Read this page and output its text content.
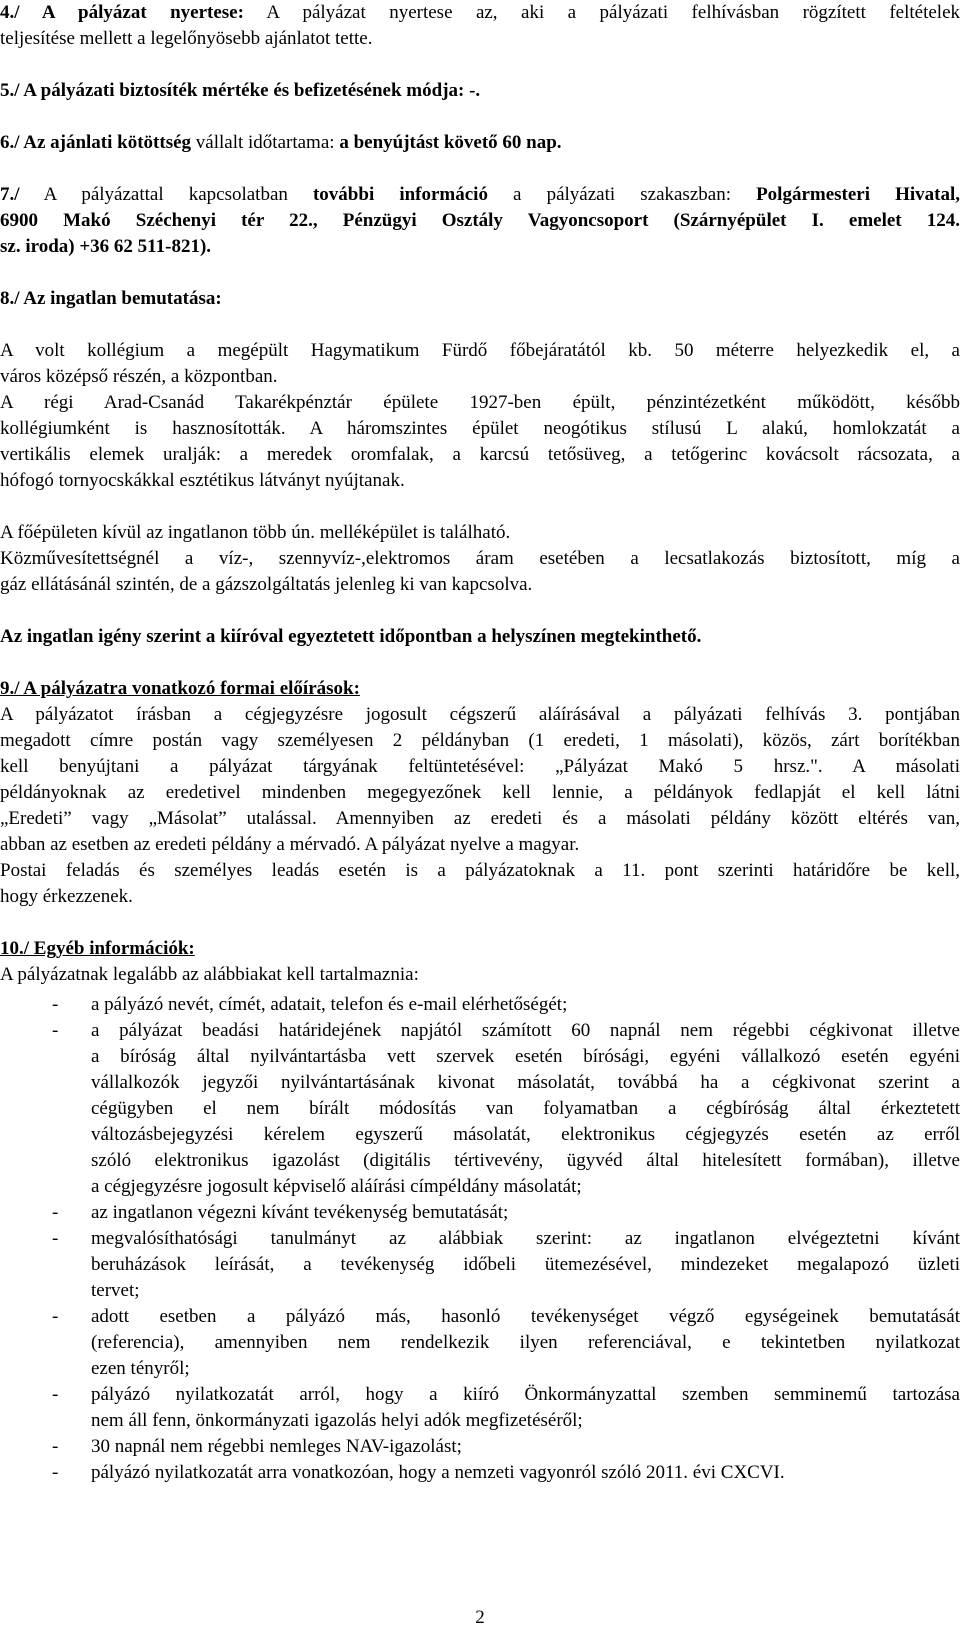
4./ A pályázat nyertese: A pályázat nyertese az, aki a pályázati felhívásban rögzített feltételek
teljesítése mellett a legelőnyösebb ajánlatot tette.
5./ A pályázati biztosíték mértéke és befizetésének módja: -.
6./ Az ajánlati kötöttség vállalt időtartama: a benyújtást követő 60 nap.
7./ A pályázattal kapcsolatban további információ a pályázati szakaszban: Polgármesteri Hivatal,
6900 Makó Széchenyi tér 22., Pénzügyi Osztály Vagyoncsoport (Szárnyépület I. emelet 124.
sz. iroda) +36 62 511-821).
8./ Az ingatlan bemutatása:
A volt kollégium a megépült Hagymatikum Fürdő főbejáratától kb. 50 méterre helyezkedik el, a
város középső részén, a központban.
A régi Arad-Csanád Takarékpénztár épülete 1927-ben épült, pénzintézetként működött, később
kollégiumként is hasznosították. A háromszintes épület neogótikus stílusú L alakú, homlokzatát a
vertikális elemek uralják: a meredek oromfalak, a karcsú tetősüveg, a tetőgerinc kovácsolt rácsozata, a
hófogó tornyocskákkal esztétikus látványt nyújtanak.
A főépületen kívül az ingatlanon több ún. melléképület is található.
Közművesítettségnél a víz-, szennyvíz-,elektromos áram esetében a lecsatlakozás biztosított, míg a
gáz ellátásánál szintén, de a gázszolgáltatás jelenleg ki van kapcsolva.
Az ingatlan igény szerint a kiíróval egyeztetett időpontban a helyszínen megtekinthető.
9./ A pályázatra vonatkozó formai előírások:
A pályázatot írásban a cégjegyzésre jogosult cégszerű aláírásával a pályázati felhívás 3. pontjában
megadott címre postán vagy személyesen 2 példányban (1 eredeti, 1 másolati), közös, zárt borítékban
kell benyújtani a pályázat tárgyának feltüntetésével: „Pályázat Makó 5 hrsz.". A másolati
példányoknak az eredetivel mindenben megegyezőnek kell lennie, a példányok fedlapját el kell látni
„Eredeti” vagy „Másolat” utalással. Amennyiben az eredeti és a másolati példány között eltérés van,
abban az esetben az eredeti példány a mérvadó. A pályázat nyelve a magyar.
Postai feladás és személyes leadás esetén is a pályázatoknak a 11. pont szerinti határidőre be kell,
hogy érkezzenek.
10./ Egyéb információk:
A pályázatnak legalább az alábbiakat kell tartalmaznia:
- a pályázó nevét, címét, adatait, telefon és e-mail elérhetőségét;
- a pályázat beadási határidejének napjától számított 60 napnál nem régebbi cégkivonat illetve
a bíróság által nyilvántartásba vett szervek esetén bírósági, egyéni vállalkozó esetén egyéni
vállalkozók jegyzői nyilvántartásának kivonat másolatát, továbbá ha a cégkivonat szerint a
cégügyben el nem bírált módosítás van folyamatban a cégbíróság által érkeztetett
változásbejegyzési kérelem egyszerű másolatát, elektronikus cégjegyzés esetén az erről
szóló elektronikus igazolást (digitális tértivevény, ügyvéd által hitelesített formában), illetve
a cégjegyzésre jogosult képviselő aláírási címpéldány másolatát;
- az ingatlanon végezni kívánt tevékenység bemutatását;
- megvalósíthatósági tanulmányt az alábbiak szerint: az ingatlanon elvégeztetni kívánt
beruházások leírását, a tevékenység időbeli ütemezésével, mindezeket megalapozó üzleti
tervet;
- adott esetben a pályázó más, hasonló tevékenységet végző egységeinek bemutatását
(referencia), amennyiben nem rendelkezik ilyen referenciával, e tekintetben nyilatkozat
ezen tényről;
- pályázó nyilatkozatát arról, hogy a kiíró Önkormányzattal szemben semminemű tartozása
nem áll fenn, önkormányzati igazolás helyi adók megfizetéséről;
- 30 napnál nem régebbi nemleges NAV-igazolást;
- pályázó nyilatkozatát arra vonatkozóan, hogy a nemzeti vagyonról szóló 2011. évi CXCVI.
2
